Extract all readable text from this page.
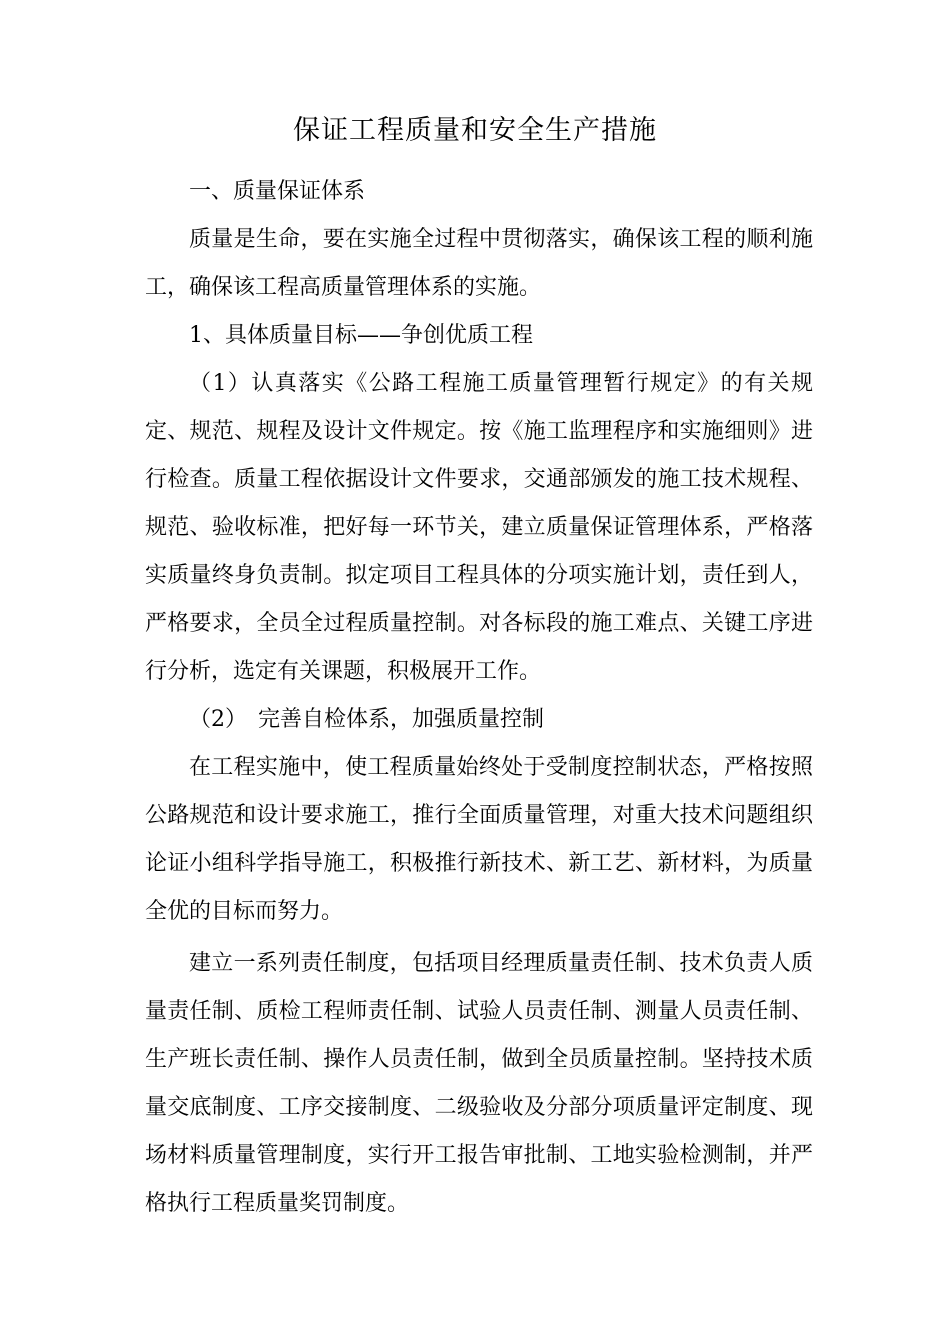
保证工程质量和安全生产措施

一、质量保证体系

质量是生命，要在实施全过程中贯彻落实，确保该工程的顺利施工，确保该工程高质量管理体系的实施。

1、具体质量目标——争创优质工程

（1）认真落实《公路工程施工质量管理暂行规定》的有关规定、规范、规程及设计文件规定。按《施工监理程序和实施细则》进行检查。质量工程依据设计文件要求，交通部颁发的施工技术规程、规范、验收标准，把好每一环节关，建立质量保证管理体系，严格落实质量终身负责制。拟定项目工程具体的分项实施计划，责任到人，严格要求，全员全过程质量控制。对各标段的施工难点、关键工序进行分析，选定有关课题，积极展开工作。

（2）　完善自检体系，加强质量控制

在工程实施中，使工程质量始终处于受制度控制状态，严格按照公路规范和设计要求施工，推行全面质量管理，对重大技术问题组织论证小组科学指导施工，积极推行新技术、新工艺、新材料，为质量全优的目标而努力。

建立一系列责任制度，包括项目经理质量责任制、技术负责人质量责任制、质检工程师责任制、试验人员责任制、测量人员责任制、生产班长责任制、操作人员责任制，做到全员质量控制。坚持技术质量交底制度、工序交接制度、二级验收及分部分项质量评定制度、现场材料质量管理制度，实行开工报告审批制、工地实验检测制，并严格执行工程质量奖罚制度。
